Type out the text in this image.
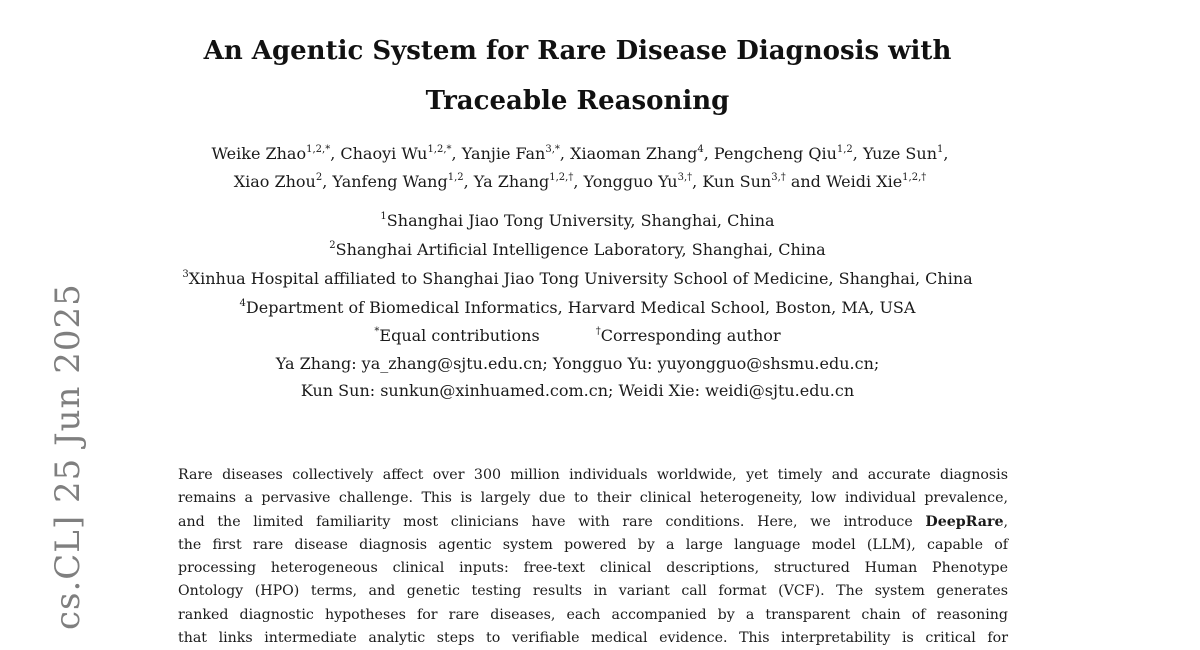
cs.CL] 25 Jun 2025

An Agentic System for Rare Disease Diagnosis with

Traceable Reasoning

Weike Zhao$^{1,2,*}$, Chaoyi $Wu^{1,2,*}$, Yanjie Fan$^{3,*}$, Xiaoman Zhang$^4$, Pengcheng Qiu$^{1,2}$, Yuze Sun$^1$,
Xiao Zhou$^2$, Yanfeng Wang$^{1,2}$, Ya Zhang$^{1,2,\dagger}$, Yongguo $Yu^{3,\dagger}$, Kun Sun$^{3,\dagger}$ and Weidi Xie$^{1,2,\dagger}$
$^1$Shanghai Jiao Tong University, Shanghai, China
$^2$Shanghai Artificial Intelligence Laboratory, Shanghai, China
$^3$Xinhua Hospital affiliated to Shanghai Jiao Tong University School of Medicine, Shanghai, China
$^4$Department of Biomedical Informatics, Harvard Medical School, Boston, MA, USA
*Equal contributions	†Corresponding author
Ya Zhang: ya_zhang@sjtu.edu.cn; Yongguo Yu: yuyongguo@shsmu.edu.cn;
Kun Sun: sunkun@xinhuamed.com.cn; Weidi Xie: weidi@sjtu.edu.cn
Rare diseases collectively affect over 300 million individuals worldwide, yet timely and accurate diagnosis
remains a pervasive challenge. This is largely due to their clinical heterogeneity, low individual prevalence,
and the limited familiarity most clinicians have with rare conditions. Here, we introduce DeepRare,
the first rare disease diagnosis agentic system powered by a large language model (LLM), capable of
processing heterogeneous clinical inputs: free-text clinical descriptions, structured Human Phenotype
Ontology (HPO) terms, and genetic testing results in variant call format (VCF). The system generates
ranked diagnostic hypotheses for rare diseases, each accompanied by a transparent chain of reasoning
that links intermediate analytic steps to verifiable medical evidence. This interpretability is critical for
